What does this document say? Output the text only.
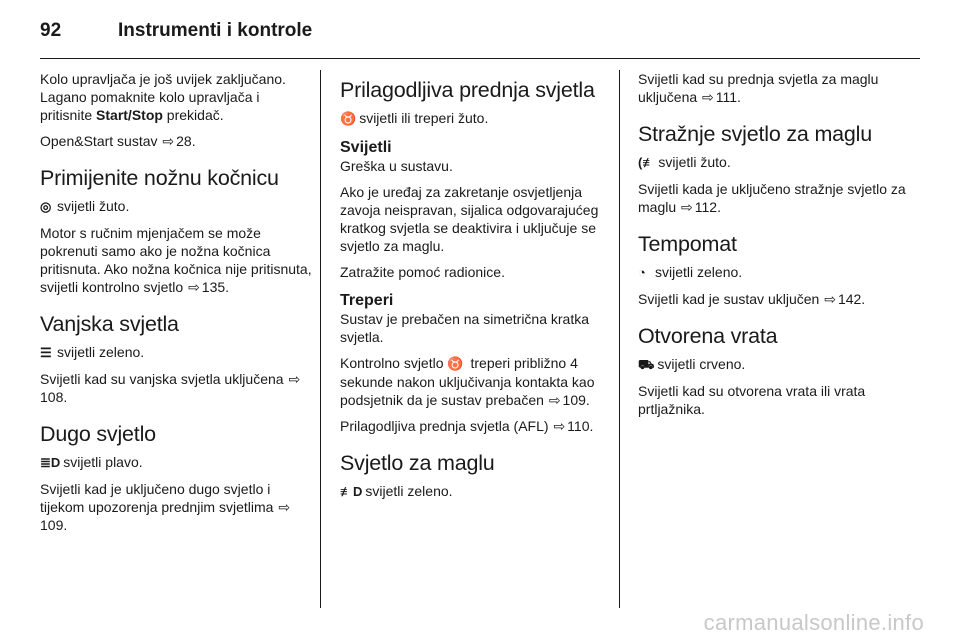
92	Instrumenti i kontrole

Kolo upravljača je još uvijek zaključano. Lagano pomaknite kolo upravljača i pritisnite Start/Stop prekidač.

Open&Start sustav ⇨ 28.

Primijenite nožnu kočnicu

◎ svijetli žuto.

Motor s ručnim mjenjačem se može pokrenuti samo ako je nožna kočnica pritisnuta. Ako nožna kočnica nije pritisnuta, svijetli kontrolno svjetlo ⇨ 135.

Vanjska svjetla

☰ svijetli zeleno.

Svijetli kad su vanjska svjetla uključena ⇨108.

Dugo svjetlo

≣D svijetli plavo.

Svijetli kad je uključeno dugo svjetlo i tijekom upozorenja prednjim svjetlima ⇨109.

Prilagodljiva prednja svjetla

♉ svijetli ili treperi žuto.

Svijetli

Greška u sustavu.

Ako je uređaj za zakretanje osvjetljenja zavoja neispravan, sijalica odgovarajućeg kratkog svjetla se deaktivira i uključuje se svjetlo za maglu.

Zatražite pomoć radionice.

Treperi

Sustav je prebačen na simetrična kratka svjetla.

Kontrolno svjetlo ♉ treperi približno 4 sekunde nakon uključivanja kontakta kao podsjetnik da je sustav prebačen ⇨ 109.

Prilagodljiva prednja svjetla (AFL) ⇨ 110.

Svjetlo za maglu

≢D svijetli zeleno.

Svijetli kad su prednja svjetla za maglu uključena ⇨ 111.

Stražnje svjetlo za maglu

(≢ svijetli žuto.

Svijetli kada je uključeno stražnje svjetlo za maglu ⇨ 112.

Tempomat

◔ svijetli zeleno.

Svijetli kad je sustav uključen ⇨ 142.

Otvorena vrata

⛟ svijetli crveno.

Svijetli kad su otvorena vrata ili vrata prtljažnika.

carmanualsonline.info
